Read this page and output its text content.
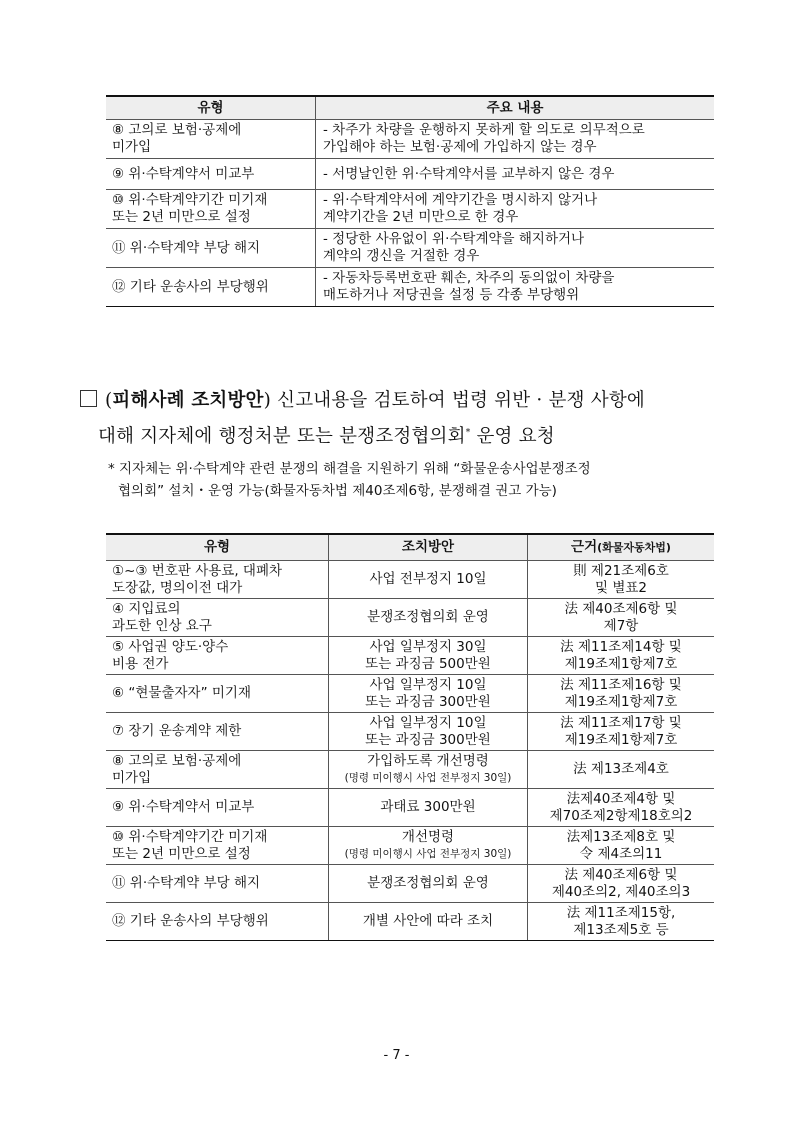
유형	주요 내용
⑧ 고의로 보험·공제에
미가입	- 차주가 차량을 운행하지 못하게 할 의도로 의무적으로
가입해야 하는 보험·공제에 가입하지 않는 경우
⑨ 위·수탁계약서 미교부	- 서명날인한 위·수탁계약서를 교부하지 않은 경우
⑩ 위·수탁계약기간 미기재
또는 2년 미만으로 설정	- 위·수탁계약서에 계약기간을 명시하지 않거나
계약기간을 2년 미만으로 한 경우
⑪ 위·수탁계약 부당 해지	- 정당한 사유없이 위·수탁계약을 해지하거나
계약의 갱신을 거절한 경우
⑫ 기타 운송사의 부당행위	- 자동차등록번호판 훼손, 차주의 동의없이 차량을
매도하거나 저당권을 설정 등 각종 부당행위
(피해사례 조치방안) 신고내용을 검토하여 법령 위반 · 분쟁 사항에
대해 지자체에 행정처분 또는 분쟁조정협의회* 운영 요청
* 지자체는 위·수탁계약 관련 분쟁의 해결을 지원하기 위해 “화물운송사업분쟁조정
협의회” 설치・운영 가능(화물자동차법 제40조제6항, 분쟁해결 권고 가능)
유형	조치방안	근거(화물자동차법)
①~③ 번호판 사용료, 대폐차
도장값, 명의이전 대가	사업 전부정지 10일	則 제21조제6호
및 별표2
④ 지입료의
과도한 인상 요구	분쟁조정협의회 운영	法 제40조제6항 및
제7항
⑤ 사업권 양도·양수
비용 전가	사업 일부정지 30일
또는 과징금 500만원	法 제11조제14항 및
제19조제1항제7호
⑥ “현물출자자” 미기재	사업 일부정지 10일
또는 과징금 300만원	法 제11조제16항 및
제19조제1항제7호
⑦ 장기 운송계약 제한	사업 일부정지 10일
또는 과징금 300만원	法 제11조제17항 및
제19조제1항제7호
⑧ 고의로 보험·공제에
미가입	가입하도록 개선명령
(명령 미이행시 사업 전부정지 30일)	法 제13조제4호
⑨ 위·수탁계약서 미교부	과태료 300만원	法제40조제4항 및
제70조제2항제18호의2
⑩ 위·수탁계약기간 미기재
또는 2년 미만으로 설정	개선명령
(명령 미이행시 사업 전부정지 30일)	法제13조제8호 및
令 제4조의11
⑪ 위·수탁계약 부당 해지	분쟁조정협의회 운영	法 제40조제6항 및
제40조의2, 제40조의3
⑫ 기타 운송사의 부당행위	개별 사안에 따라 조치	法 제11조제15항,
제13조제5호 등
- 7 -
